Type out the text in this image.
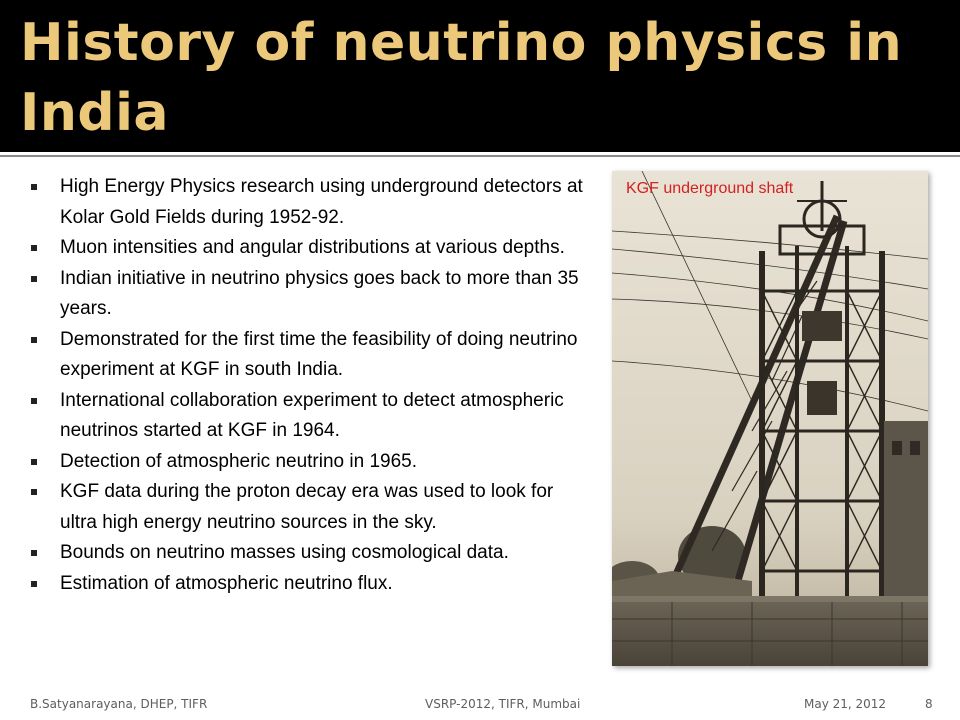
History of neutrino physics in India
High Energy Physics research using underground detectors at Kolar Gold Fields during 1952-92.
Muon intensities and angular distributions at various depths.
Indian initiative in neutrino physics goes back to more than 35 years.
Demonstrated for the first time the feasibility of doing neutrino experiment at KGF in south India.
International collaboration experiment to detect atmospheric neutrinos started at KGF in 1964.
Detection of atmospheric neutrino in 1965.
KGF data during the proton decay era was used to look for ultra high energy neutrino sources in the sky.
Bounds on neutrino masses using cosmological data.
Estimation of atmospheric neutrino flux.
KGF underground shaft
B.Satyanarayana, DHEP, TIFR	VSRP-2012, TIFR, Mumbai	May 21, 2012	8
